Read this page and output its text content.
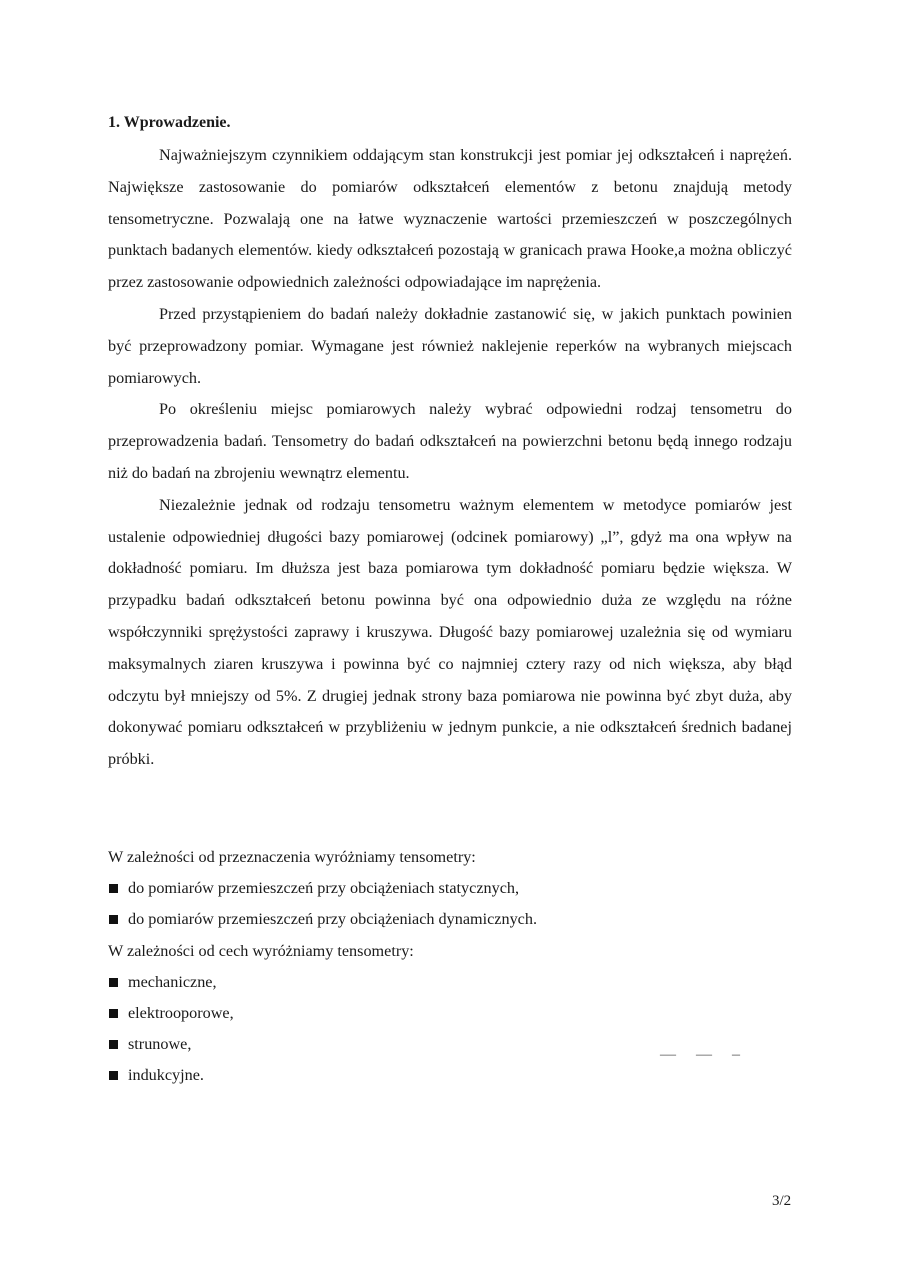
1. Wprowadzenie.

Najważniejszym czynnikiem oddającym stan konstrukcji jest pomiar jej odkształceń i naprężeń. Największe zastosowanie do pomiarów odkształceń elementów z betonu znajdują metody tensometryczne. Pozwalają one na łatwe wyznaczenie wartości przemieszczeń w poszczególnych punktach badanych elementów. kiedy odkształceń pozostają w granicach prawa Hooke,a można obliczyć przez zastosowanie odpowiednich zależności odpowiadające im naprężenia.

Przed przystąpieniem do badań należy dokładnie zastanowić się, w jakich punktach powinien być przeprowadzony pomiar. Wymagane jest również naklejenie reperków na wybranych miejscach pomiarowych.

Po określeniu miejsc pomiarowych należy wybrać odpowiedni rodzaj tensometru do przeprowadzenia badań. Tensometry do badań odkształceń na powierzchni betonu będą innego rodzaju niż do badań na zbrojeniu wewnątrz elementu.

Niezależnie jednak od rodzaju tensometru ważnym elementem w metodyce pomiarów jest ustalenie odpowiedniej długości bazy pomiarowej (odcinek pomiarowy) „l”, gdyż ma ona wpływ na dokładność pomiaru. Im dłuższa jest baza pomiarowa tym dokładność pomiaru będzie większa. W przypadku badań odkształceń betonu powinna być ona odpowiednio duża ze względu na różne współczynniki sprężystości zaprawy i kruszywa. Długość bazy pomiarowej uzależnia się od wymiaru maksymalnych ziaren kruszywa i powinna być co najmniej cztery razy od nich większa, aby błąd odczytu był mniejszy od 5%. Z drugiej jednak strony baza pomiarowa nie powinna być zbyt duża, aby dokonywać pomiaru odkształceń w przybliżeniu w jednym punkcie, a nie odkształceń średnich badanej próbki.

W zależności od przeznaczenia wyróżniamy tensometry:

do pomiarów przemieszczeń przy obciążeniach statycznych,
do pomiarów przemieszczeń przy obciążeniach dynamicznych.

W zależności od cech wyróżniamy tensometry:

mechaniczne,
elektrooporowe,
strunowe,
indukcyjne.
— — –
3/2
